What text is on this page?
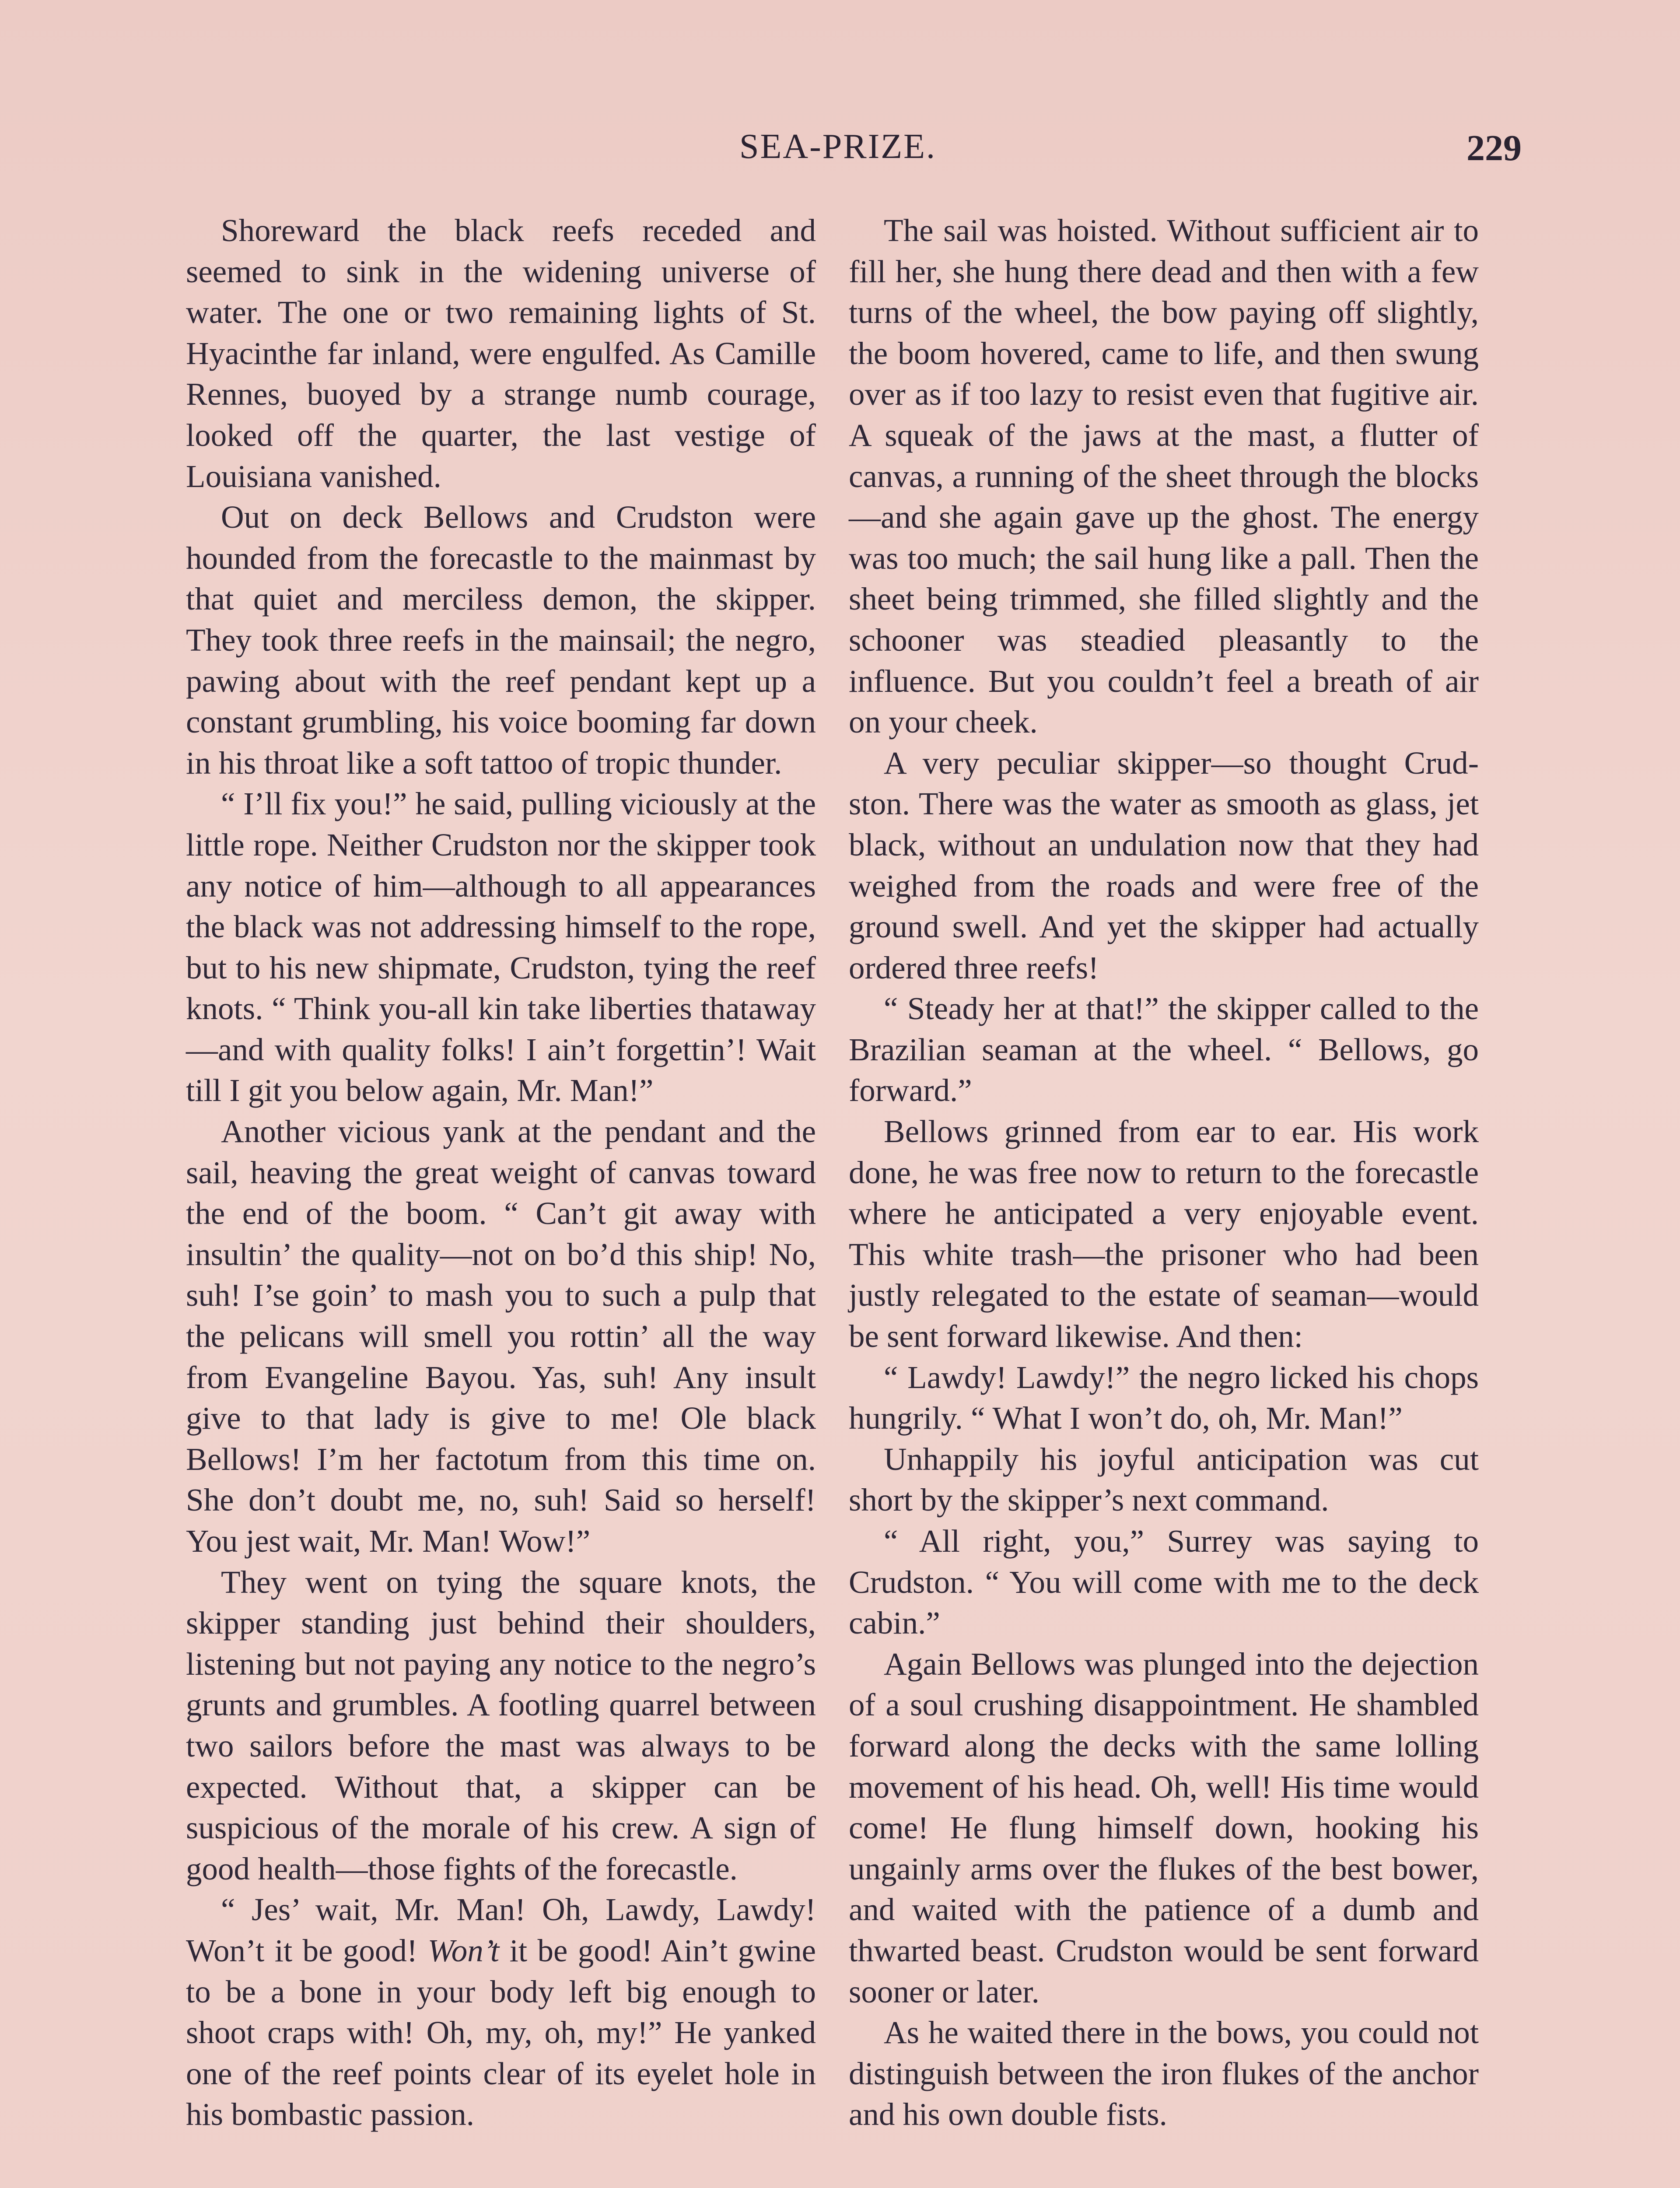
SEA-PRIZE.	229

Shoreward the black reefs receded and seemed to sink in the widening universe of water. The one or two remaining lights of St. Hyacinthe far inland, were engulfed. As Camille Rennes, buoyed by a strange numb courage, looked off the quarter, the last vestige of Louisiana vanished.

Out on deck Bellows and Crudston were hounded from the forecastle to the mainmast by that quiet and merciless demon, the skipper. They took three reefs in the mainsail; the negro, pawing about with the reef pendant kept up a constant grumbling, his voice booming far down in his throat like a soft tattoo of tropic thunder.

“ I’ll fix you!” he said, pulling viciously at the little rope. Neither Crudston nor the skipper took any notice of him—although to all appearances the black was not addressing himself to the rope, but to his new shipmate, Crudston, tying the reef knots. “ Think you-all kin take liberties thataway—and with quality folks! I ain’t forgettin’! Wait till I git you below again, Mr. Man!”

Another vicious yank at the pendant and the sail, heaving the great weight of canvas toward the end of the boom. “ Can’t git away with insultin’ the quality—not on bo’d this ship! No, suh! I’se goin’ to mash you to such a pulp that the pelicans will smell you rottin’ all the way from Evangeline Bayou. Yas, suh! Any insult give to that lady is give to me! Ole black Bellows! I’m her factotum from this time on. She don’t doubt me, no, suh! Said so herself! You jest wait, Mr. Man! Wow!”

They went on tying the square knots, the skipper standing just behind their shoulders, listening but not paying any notice to the negro’s grunts and grumbles. A footling quarrel between two sailors before the mast was always to be expected. Without that, a skipper can be suspicious of the morale of his crew. A sign of good health—those fights of the forecastle.

“ Jes’ wait, Mr. Man! Oh, Lawdy, Lawdy! Won’t it be good! Won’t it be good! Ain’t gwine to be a bone in your body left big enough to shoot craps with! Oh, my, oh, my!” He yanked one of the reef points clear of its eyelet hole in his bombastic passion.

The sail was hoisted. Without sufficient air to fill her, she hung there dead and then with a few turns of the wheel, the bow paying off slightly, the boom hovered, came to life, and then swung over as if too lazy to resist even that fugitive air. A squeak of the jaws at the mast, a flutter of canvas, a running of the sheet through the blocks—and she again gave up the ghost. The energy was too much; the sail hung like a pall. Then the sheet being trimmed, she filled slightly and the schooner was steadied pleasantly to the influence. But you couldn’t feel a breath of air on your cheek.

A very peculiar skipper—so thought Crudston. There was the water as smooth as glass, jet black, without an undulation now that they had weighed from the roads and were free of the ground swell. And yet the skipper had actually ordered three reefs!

“ Steady her at that!” the skipper called to the Brazilian seaman at the wheel. “ Bellows, go forward.”

Bellows grinned from ear to ear. His work done, he was free now to return to the forecastle where he anticipated a very enjoyable event. This white trash—the prisoner who had been justly relegated to the estate of seaman—would be sent forward likewise. And then:

“ Lawdy! Lawdy!” the negro licked his chops hungrily. “ What I won’t do, oh, Mr. Man!”

Unhappily his joyful anticipation was cut short by the skipper’s next command.

“ All right, you,” Surrey was saying to Crudston. “ You will come with me to the deck cabin.”

Again Bellows was plunged into the dejection of a soul crushing disappointment. He shambled forward along the decks with the same lolling movement of his head. Oh, well! His time would come! He flung himself down, hooking his ungainly arms over the flukes of the best bower, and waited with the patience of a dumb and thwarted beast. Crudston would be sent forward sooner or later.

As he waited there in the bows, you could not distinguish between the iron flukes of the anchor and his own double fists.
